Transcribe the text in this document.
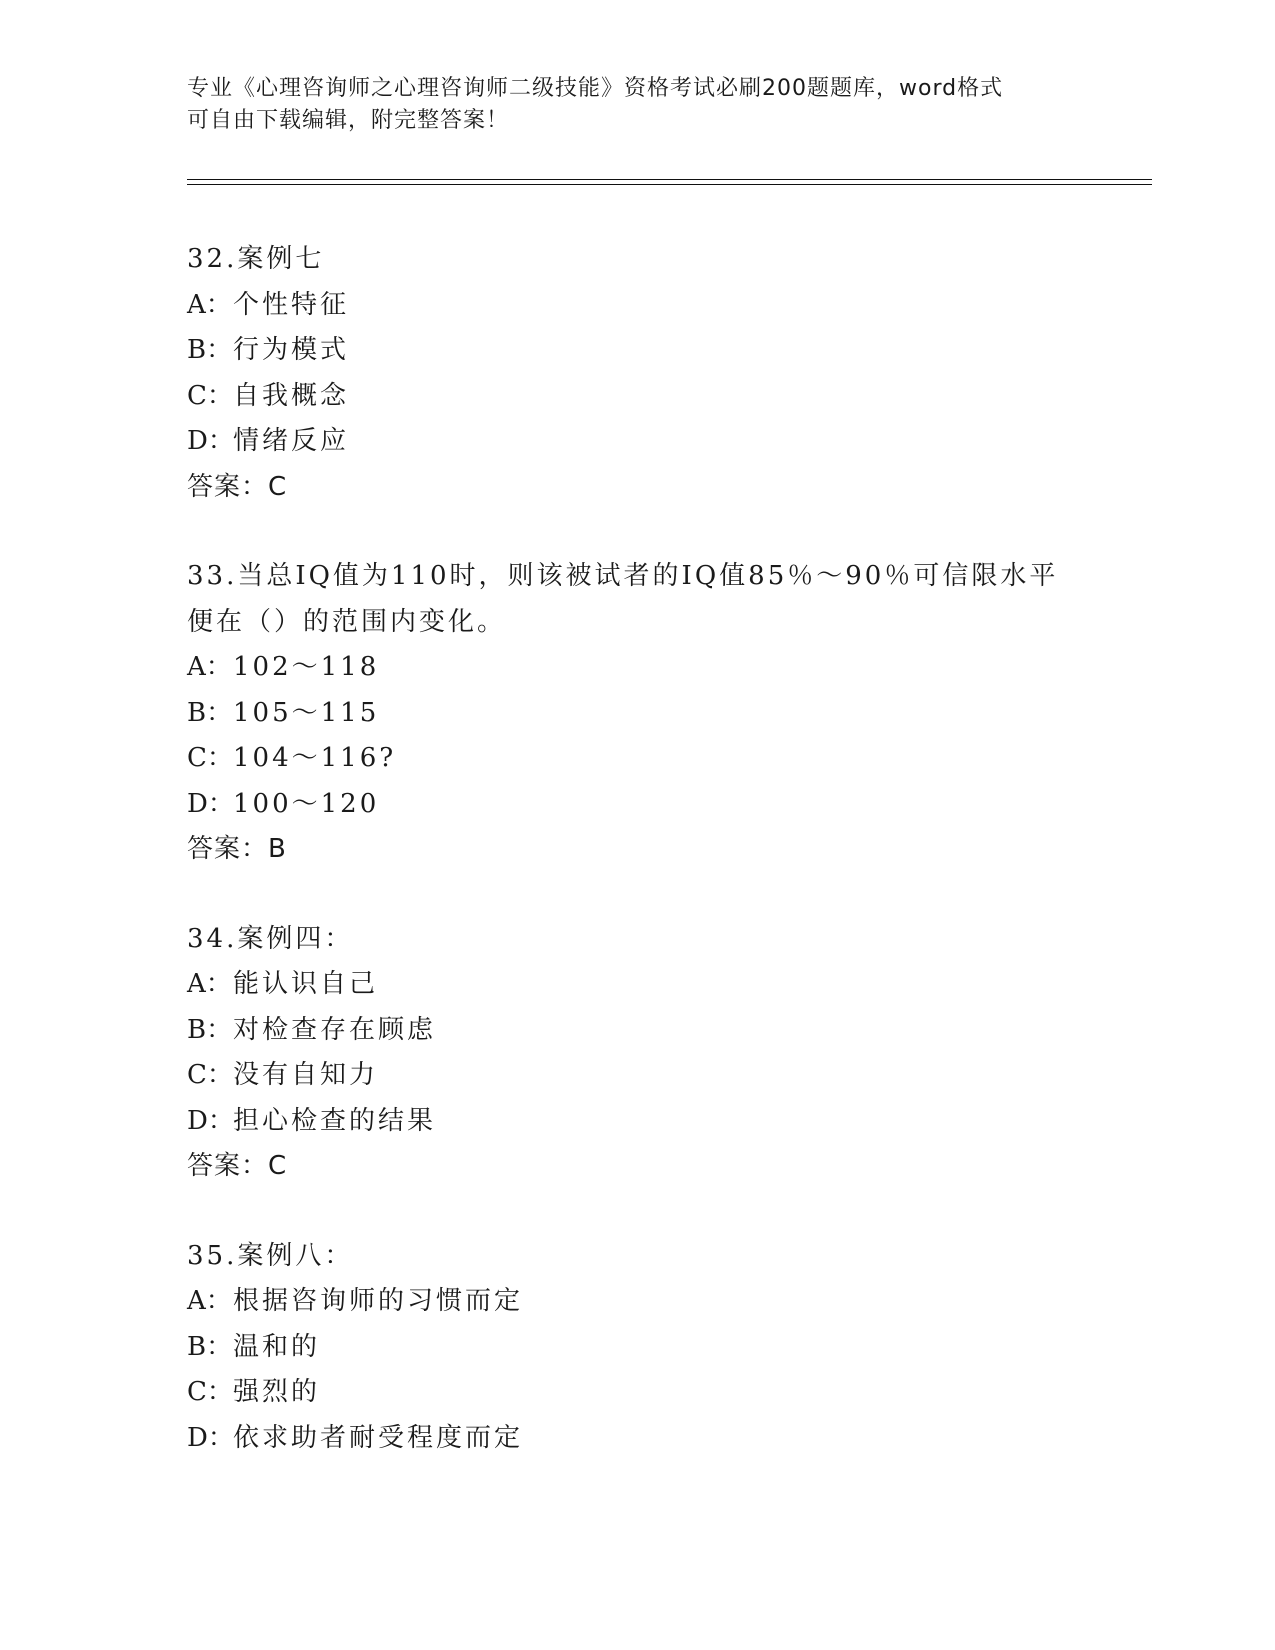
专业《心理咨询师之心理咨询师二级技能》资格考试必刷200题题库，word格式
可自由下载编辑，附完整答案！
32.案例七
A：个性特征
B：行为模式
C：自我概念
D：情绪反应
答案：C
33.当总IQ值为110时，则该被试者的IQ值85％～90％可信限水平便在（）的范围内变化。
A：102～118
B：105～115
C：104～116?
D：100～120
答案：B
34.案例四：
A：能认识自己
B：对检查存在顾虑
C：没有自知力
D：担心检查的结果
答案：C
35.案例八：
A：根据咨询师的习惯而定
B：温和的
C：强烈的
D：依求助者耐受程度而定
